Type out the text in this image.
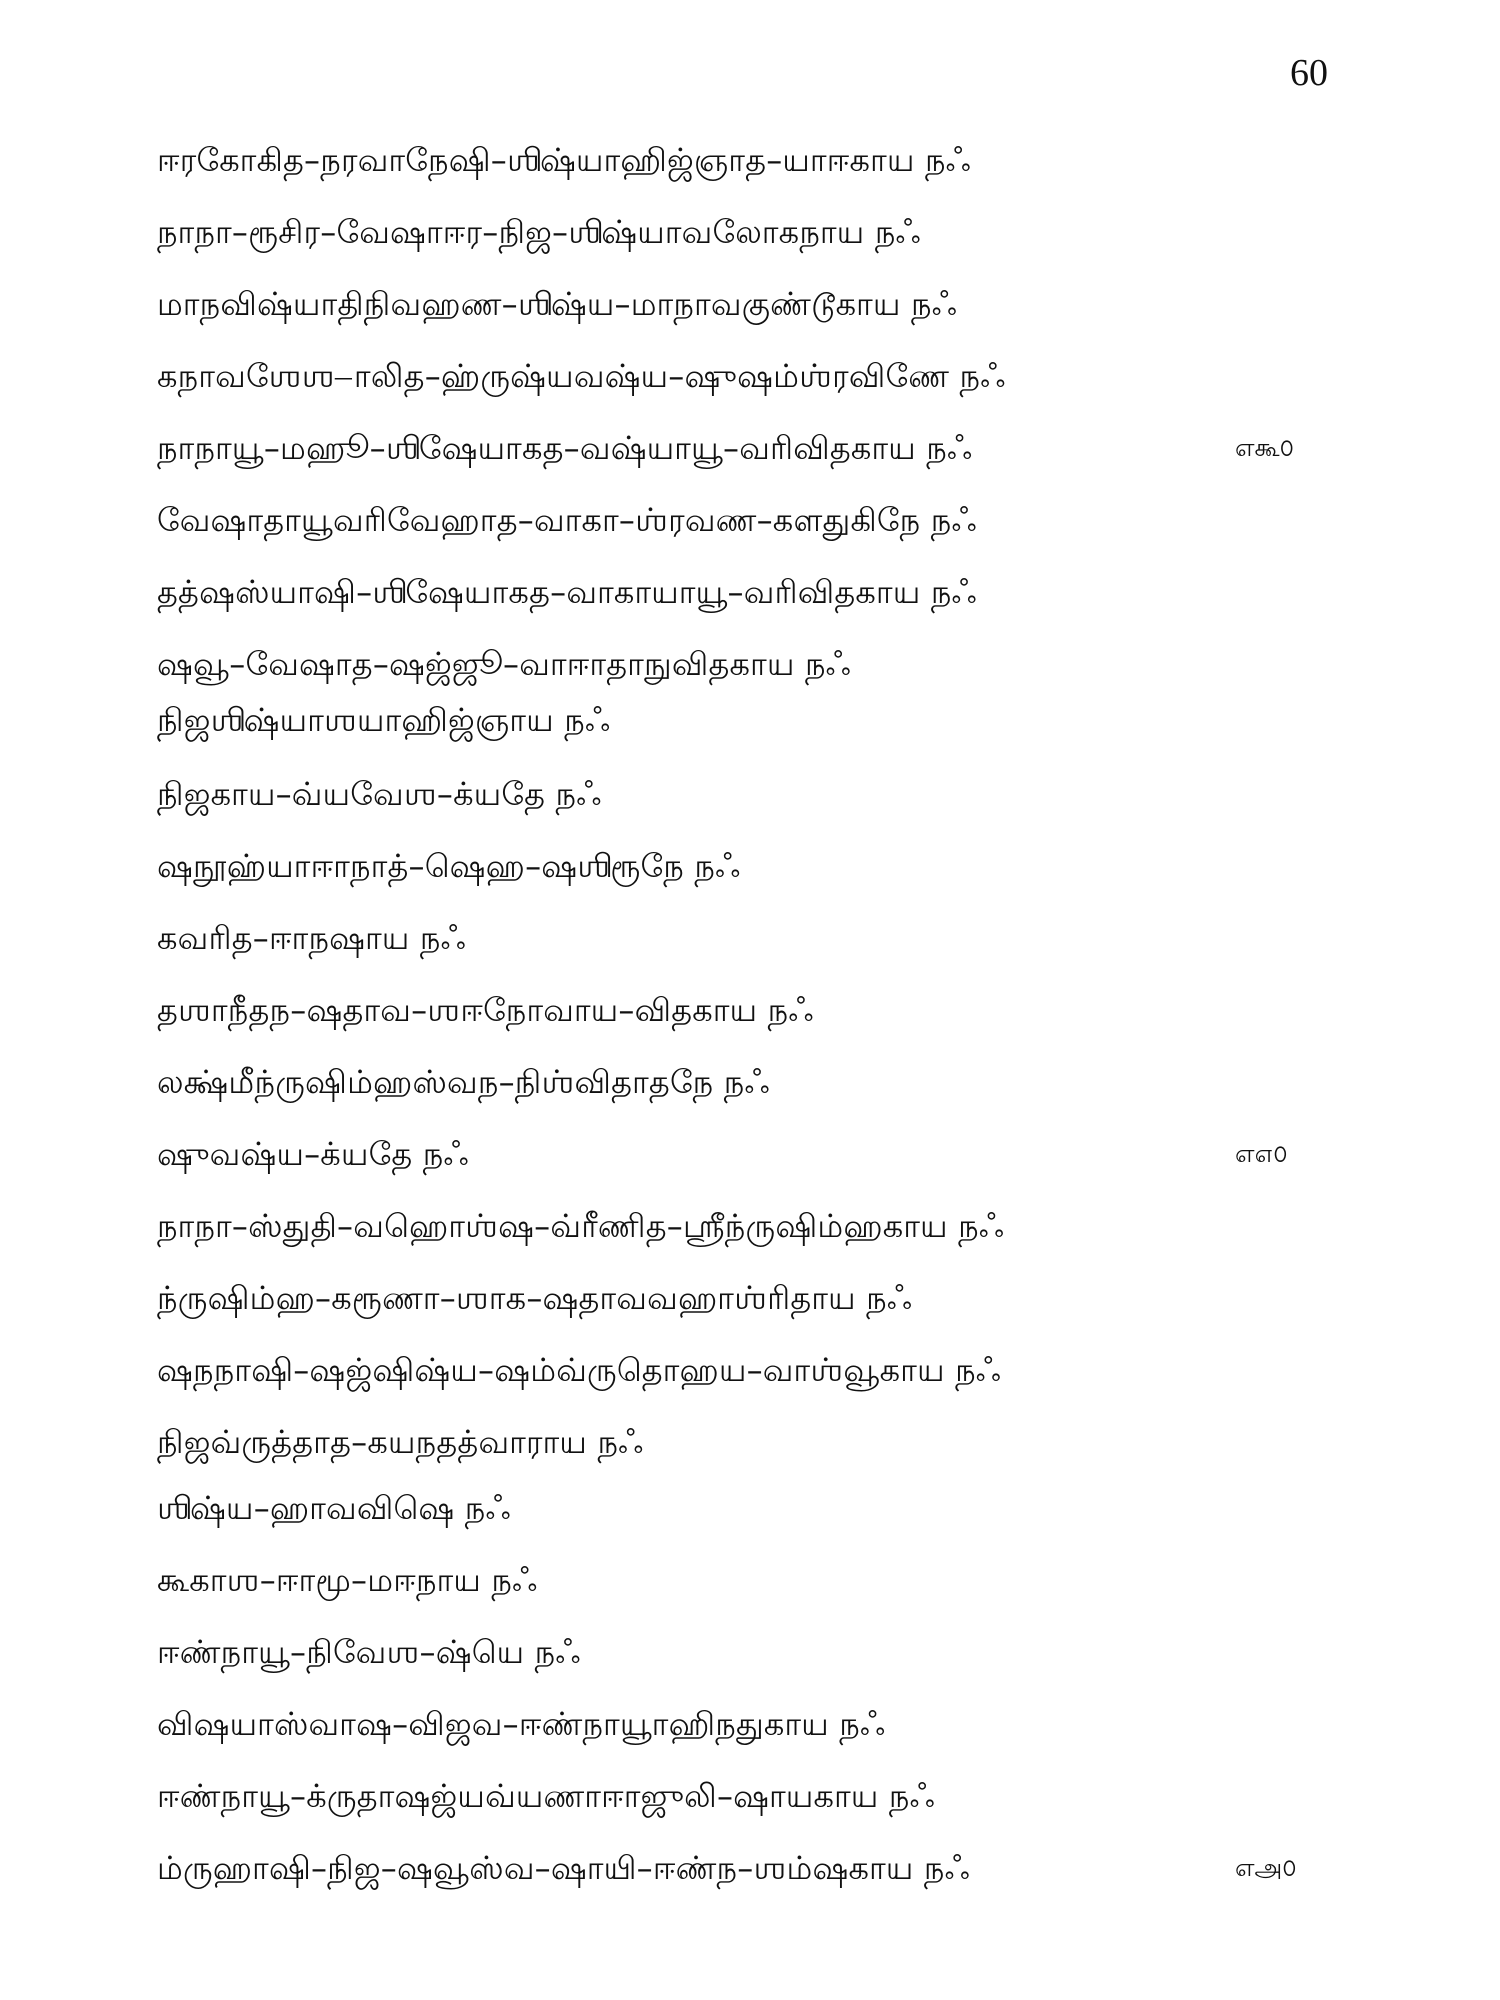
60
ஈரகோகித–நரவாநேஷி–ஶிஷ்யாஹிஜ்ஞாத–யாஈகாய நஃ
நாநா–ரூசிர–வேஷாஈர–நிஜ–ஶிஷ்யாவலோகநாய நஃ
மாநவிஷ்யாதிநிவஹண–ஶிஷ்ய–மாநாவகுண்டூகாய நஃ
கநாவஶேஶ–ாலித–ஹ்ருஷ்யவஷ்ய–ஷுஷம்ஶ்ரவிணே நஃ
நாநாயூ–மஹூ–ஶிஷேயாகத–வஷ்யாயூ–வரிவிதகாய நஃ	எகூ௦
வேஷாதாயூவரிவேஹாத–வாகா–ஶ்ரவண–களதுகிநே நஃ
தத்ஷஸ்யாஷி–ஶிஷேயாகத–வாகாயாயூ–வரிவிதகாய நஃ
ஷவூ–வேஷாத–ஷஜ்ஜூ–வாஈாதாநுவிதகாய நஃ
நிஜஶிஷ்யாஶயாஹிஜ்ஞாய நஃ
நிஜகாய–வ்யவேஶ–க்யதே நஃ
ஷநூஹ்யாஈாநாத்–ஷெஹ–ஷஶிரூநே நஃ
கவரித–ஈாநஷாய நஃ
தஶாநீதந–ஷதாவ–ஶஈநோவாய–விதகாய நஃ
லக்ஷ்மீந்ருஷிம்ஹஸ்வந–நிஶ்விதாதநே நஃ
ஷுவஷ்ய–க்யதே நஃ	எ௭௦
நாநா–ஸ்துதி–வஹொஶ்ஷ–வ்ரீணித–ஶ்ரீந்ருஷிம்ஹகாய நஃ
ந்ருஷிம்ஹ–கரூணா–ஶாக–ஷதாவவஹாஶ்ரிதாய நஃ
ஷநநாஷி–ஷஜ்ஷிஷ்ய–ஷம்வ்ருதொஹய–வாஶ்வூகாய நஃ
நிஜவ்ருத்தாத–கயநதத்வாராய நஃ
ஶிஷ்ய–ஹாவவிஷெ நஃ
கூகாஶ–ஈாமூ–மஈநாய நஃ
ஈண்நாயூ–நிவேஶ–ஷ்யெ நஃ
விஷயாஸ்வாஷ–விஜவ–ஈண்நாயூாஹிநதுகாய நஃ
ஈண்நாயூ–க்ருதாஷஜ்யவ்யணாஈாஜுலி–ஷாயகாய நஃ
ம்ருஹாஷி–நிஜ–ஷவூஸ்வ–ஷாயி–ஈண்ந–ஶம்ஷகாய நஃ	எஅ௦
